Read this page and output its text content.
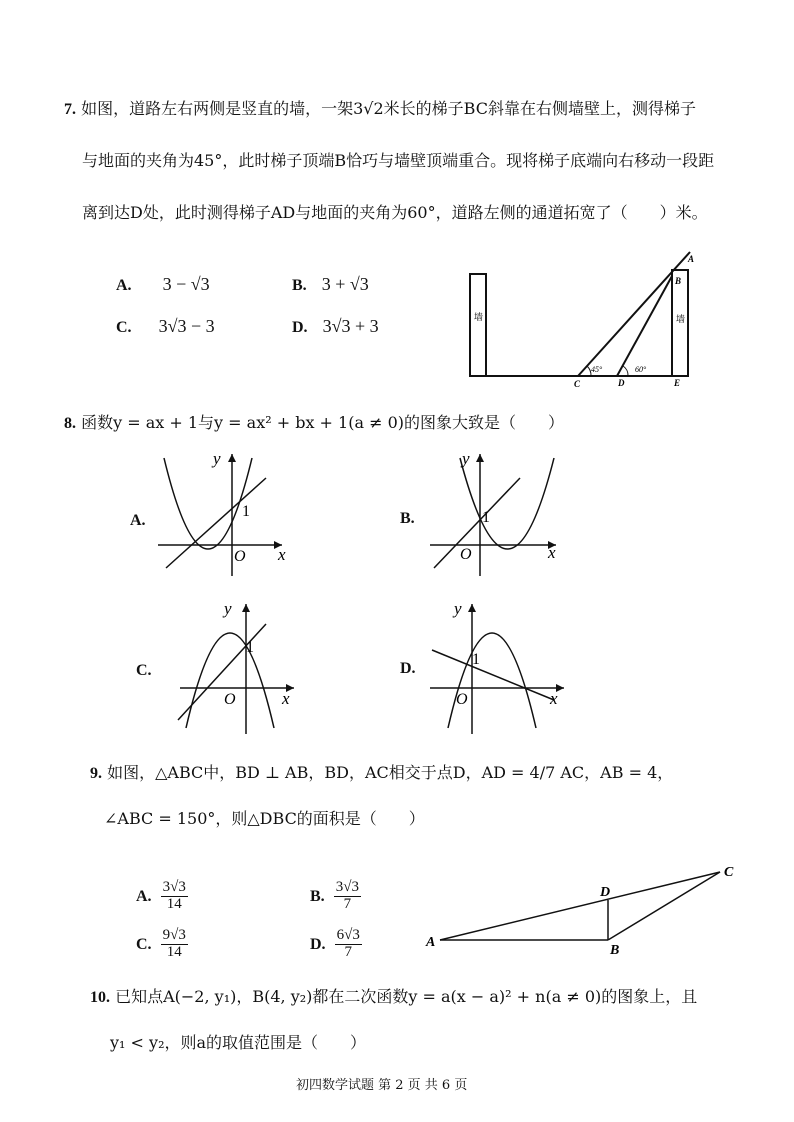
7. 如图，道路左右两侧是竖直的墙，一架3√2米长的梯子BC斜靠在右侧墙壁上，测得梯子
与地面的夹角为45°，此时梯子顶端B恰巧与墙壁顶端重合。现将梯子底端向右移动一段距
离到达D处，此时测得梯子AD与地面的夹角为60°，道路左侧的通道拓宽了（　　）米。
A. 3 − √3	B. 3 + √3
C. 3√3 − 3	D. 3√3 + 3	墙	墙
A
B
C	D	E
45°	60°
8. 函数y = ax + 1与y = ax² + bx + 1(a ≠ 0)的图象大致是（　　）
A.
y
x
O
1	B.
y
x
O
1
C.
y
x
O
1
D.
y
x
O
1
9. 如图，△ABC中，BD ⊥ AB，BD，AC相交于点D，AD = 4/7 AC，AB = 4，
∠ABC = 150°，则△DBC的面积是（　　）
A. $\frac{3√3}{14}$	B. $\frac{3√3}{7}$
C. $\frac{9√3}{14}$	D. $\frac{6√3}{7}$	A
B
C
D
10. 已知点A(−2, y₁)，B(4, y₂)都在二次函数y = a(x − a)² + n(a ≠ 0)的图象上，且
y₁ < y₂，则a的取值范围是（　　）
初四数学试题 第 2 页 共 6 页
